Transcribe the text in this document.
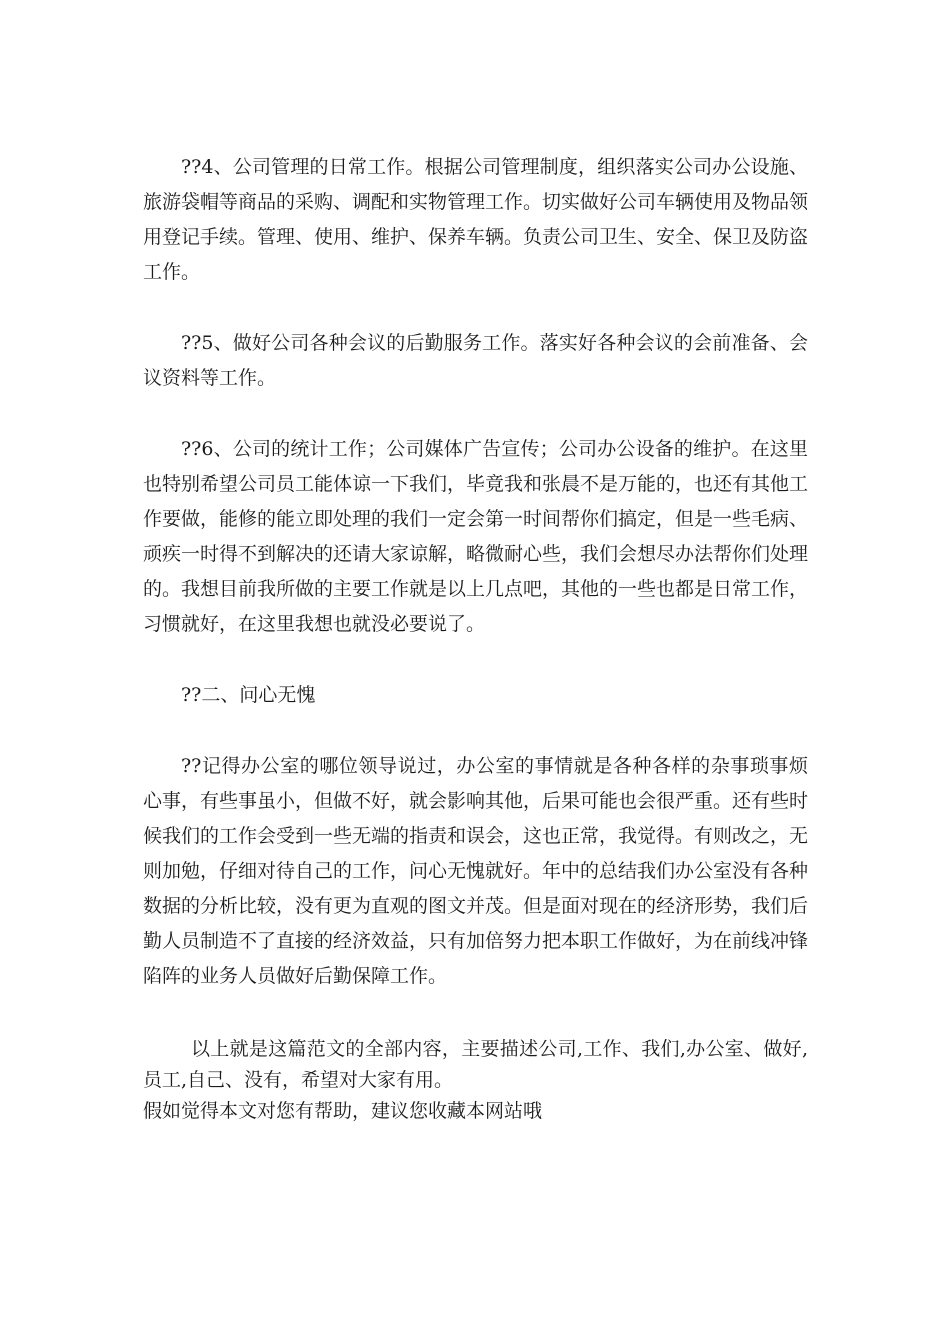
??4、公司管理的日常工作。根据公司管理制度，组织落实公司办公设施、旅游袋帽等商品的采购、调配和实物管理工作。切实做好公司车辆使用及物品领用登记手续。管理、使用、维护、保养车辆。负责公司卫生、安全、保卫及防盗工作。

??5、做好公司各种会议的后勤服务工作。落实好各种会议的会前准备、会议资料等工作。

??6、公司的统计工作；公司媒体广告宣传；公司办公设备的维护。在这里也特别希望公司员工能体谅一下我们，毕竟我和张晨不是万能的，也还有其他工作要做，能修的能立即处理的我们一定会第一时间帮你们搞定，但是一些毛病、顽疾一时得不到解决的还请大家谅解，略微耐心些，我们会想尽办法帮你们处理的。我想目前我所做的主要工作就是以上几点吧，其他的一些也都是日常工作，习惯就好，在这里我想也就没必要说了。

??二、问心无愧

??记得办公室的哪位领导说过，办公室的事情就是各种各样的杂事琐事烦心事，有些事虽小，但做不好，就会影响其他，后果可能也会很严重。还有些时候我们的工作会受到一些无端的指责和误会，这也正常，我觉得。有则改之，无则加勉，仔细对待自己的工作，问心无愧就好。年中的总结我们办公室没有各种数据的分析比较，没有更为直观的图文并茂。但是面对现在的经济形势，我们后勤人员制造不了直接的经济效益，只有加倍努力把本职工作做好，为在前线冲锋陷阵的业务人员做好后勤保障工作。

以上就是这篇范文的全部内容，主要描述公司,工作、我们,办公室、做好,员工,自己、没有，希望对大家有用。

假如觉得本文对您有帮助，建议您收藏本网站哦
